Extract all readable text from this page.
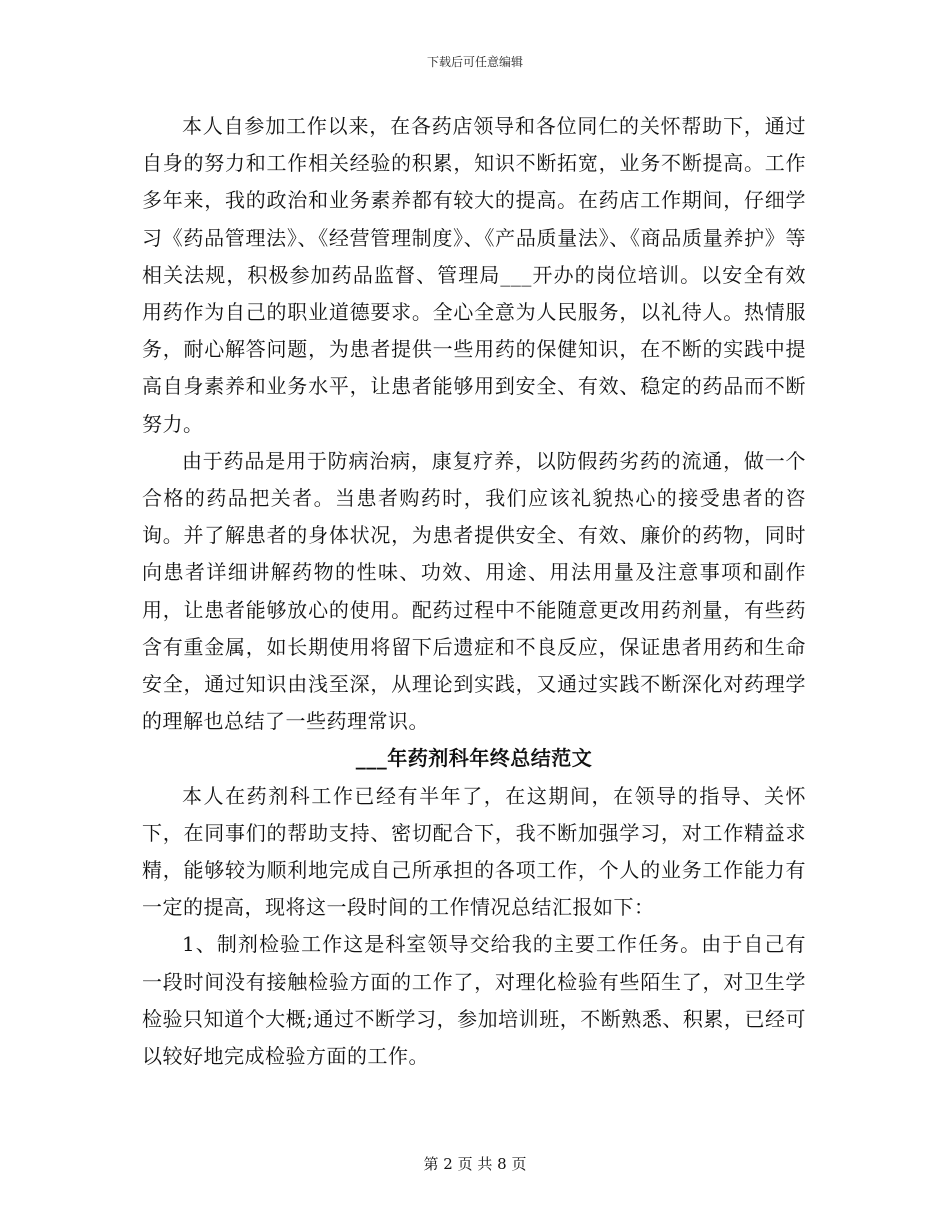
下载后可任意编辑

本人自参加工作以来，在各药店领导和各位同仁的关怀帮助下，通过自身的努力和工作相关经验的积累，知识不断拓宽，业务不断提高。工作多年来，我的政治和业务素养都有较大的提高。在药店工作期间，仔细学习《药品管理法》、《经营管理制度》、《产品质量法》、《商品质量养护》等相关法规，积极参加药品监督、管理局___开办的岗位培训。以安全有效用药作为自己的职业道德要求。全心全意为人民服务，以礼待人。热情服务，耐心解答问题，为患者提供一些用药的保健知识，在不断的实践中提高自身素养和业务水平，让患者能够用到安全、有效、稳定的药品而不断努力。

由于药品是用于防病治病，康复疗养，以防假药劣药的流通，做一个合格的药品把关者。当患者购药时，我们应该礼貌热心的接受患者的咨询。并了解患者的身体状况，为患者提供安全、有效、廉价的药物，同时向患者详细讲解药物的性味、功效、用途、用法用量及注意事项和副作用，让患者能够放心的使用。配药过程中不能随意更改用药剂量，有些药含有重金属，如长期使用将留下后遗症和不良反应，保证患者用药和生命安全，通过知识由浅至深，从理论到实践，又通过实践不断深化对药理学的理解也总结了一些药理常识。

___年药剂科年终总结范文

本人在药剂科工作已经有半年了，在这期间，在领导的指导、关怀下，在同事们的帮助支持、密切配合下，我不断加强学习，对工作精益求精，能够较为顺利地完成自己所承担的各项工作，个人的业务工作能力有一定的提高，现将这一段时间的工作情况总结汇报如下：

1、制剂检验工作这是科室领导交给我的主要工作任务。由于自己有一段时间没有接触检验方面的工作了，对理化检验有些陌生了，对卫生学检验只知道个大概;通过不断学习，参加培训班，不断熟悉、积累，已经可以较好地完成检验方面的工作。

第 2 页 共 8 页
